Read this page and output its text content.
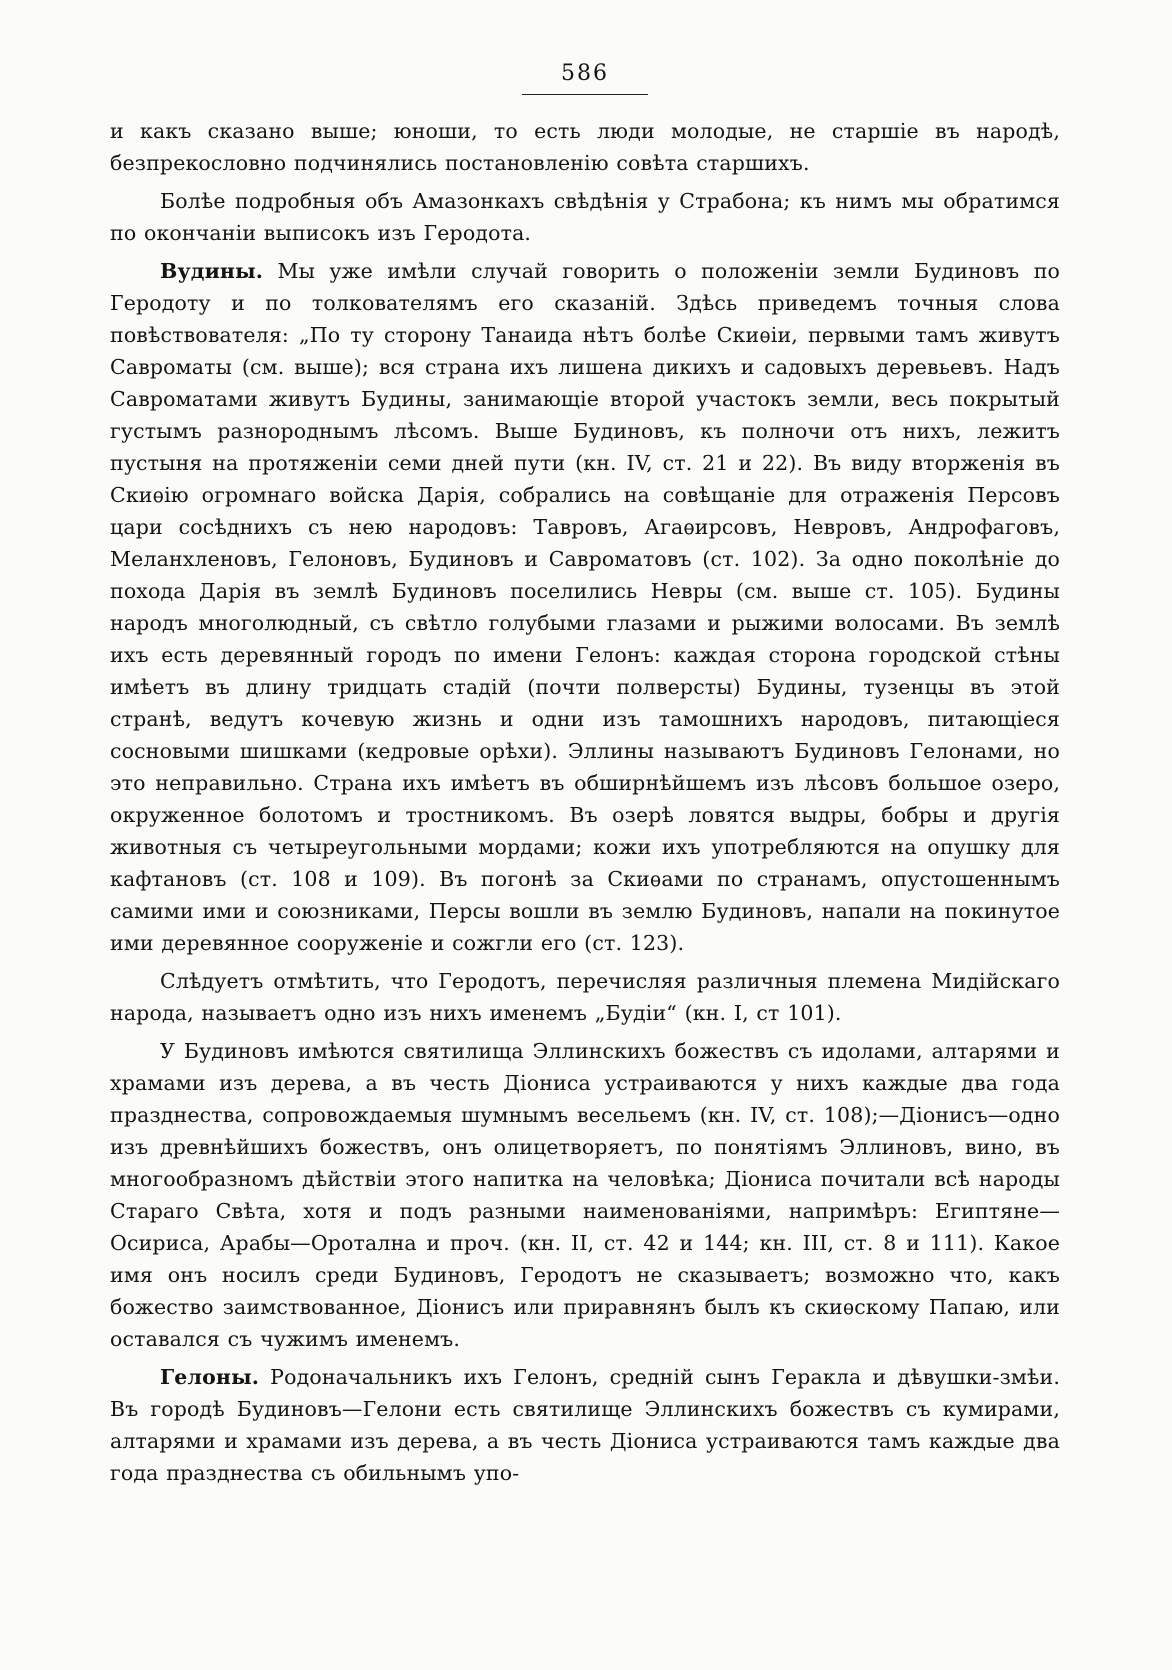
586

и какъ сказано выше; юноши, то есть люди молодые, не старшіе въ народѣ, безпрекословно подчинялись постановленію совѣта старшихъ.

Болѣе подробныя объ Амазонкахъ свѣдѣнія у Страбона; къ нимъ мы обратимся по окончаніи выписокъ изъ Геродота.

Вудины. Мы уже имѣли случай говорить о положеніи земли Будиновъ по Геродоту и по толкователямъ его сказаній. Здѣсь приведемъ точныя слова повѣствователя: „По ту сторону Танаида нѣтъ болѣе Скиѳіи, первыми тамъ живутъ Савроматы (см. выше); вся страна ихъ лишена дикихъ и садовыхъ деревьевъ. Надъ Савроматами живутъ Будины, занимающіе второй участокъ земли, весь покрытый густымъ разнороднымъ лѣсомъ. Выше Будиновъ, къ полночи отъ нихъ, лежитъ пустыня на протяженіи семи дней пути (кн. IV, ст. 21 и 22). Въ виду вторженія въ Скиѳію огромнаго войска Дарія, собрались на совѣщаніе для отраженія Персовъ цари сосѣднихъ съ нею народовъ: Тавровъ, Агаѳирсовъ, Невровъ, Андрофаговъ, Меланхленовъ, Гелоновъ, Будиновъ и Савроматовъ (ст. 102). За одно поколѣніе до похода Дарія въ землѣ Будиновъ поселились Невры (см. выше ст. 105). Будины народъ многолюдный, съ свѣтло голубыми глазами и рыжими волосами. Въ землѣ ихъ есть деревянный городъ по имени Гелонъ: каждая сторона городской стѣны имѣетъ въ длину тридцать стадій (почти полверсты) Будины, тузенцы въ этой странѣ, ведутъ кочевую жизнь и одни изъ тамошнихъ народовъ, питающіеся сосновыми шишками (кедровые орѣхи). Эллины называютъ Будиновъ Гелонами, но это неправильно. Страна ихъ имѣетъ въ обширнѣйшемъ изъ лѣсовъ большое озеро, окруженное болотомъ и тростникомъ. Въ озерѣ ловятся выдры, бобры и другія животныя съ четыреугольными мордами; кожи ихъ употребляются на опушку для кафтановъ (ст. 108 и 109). Въ погонѣ за Скиѳами по странамъ, опустошеннымъ самими ими и союзниками, Персы вошли въ землю Будиновъ, напали на покинутое ими деревянное сооруженіе и сожгли его (ст. 123).

Слѣдуетъ отмѣтить, что Геродотъ, перечисляя различныя племена Мидійскаго народа, называетъ одно изъ нихъ именемъ „Будіи“ (кн. I, ст 101).

У Будиновъ имѣются святилища Эллинскихъ божествъ съ идолами, алтарями и храмами изъ дерева, а въ честь Діониса устраиваются у нихъ каждые два года празднества, сопровождаемыя шумнымъ весельемъ (кн. IV, ст. 108);—Діонисъ—одно изъ древнѣйшихъ божествъ, онъ олицетворяетъ, по понятіямъ Эллиновъ, вино, въ многообразномъ дѣйствіи этого напитка на человѣка; Діониса почитали всѣ народы Стараго Свѣта, хотя и подъ разными наименованіями, напримѣръ: Египтяне—Осириса, Арабы—Оротална и проч. (кн. II, ст. 42 и 144; кн. III, ст. 8 и 111). Какое имя онъ носилъ среди Будиновъ, Геродотъ не сказываетъ; возможно что, какъ божество заимствованное, Діонисъ или приравнянъ былъ къ скиѳскому Папаю, или оставался съ чужимъ именемъ.

Гелоны. Родоначальникъ ихъ Гелонъ, среднiй сынъ Геракла и дѣвушки-змѣи. Въ городѣ Будиновъ—Гелони есть святилище Эллинскихъ божествъ съ кумирами, алтарями и храмами изъ дерева, а въ честь Діониса устраиваются тамъ каждые два года празднества съ обильнымъ упо-
